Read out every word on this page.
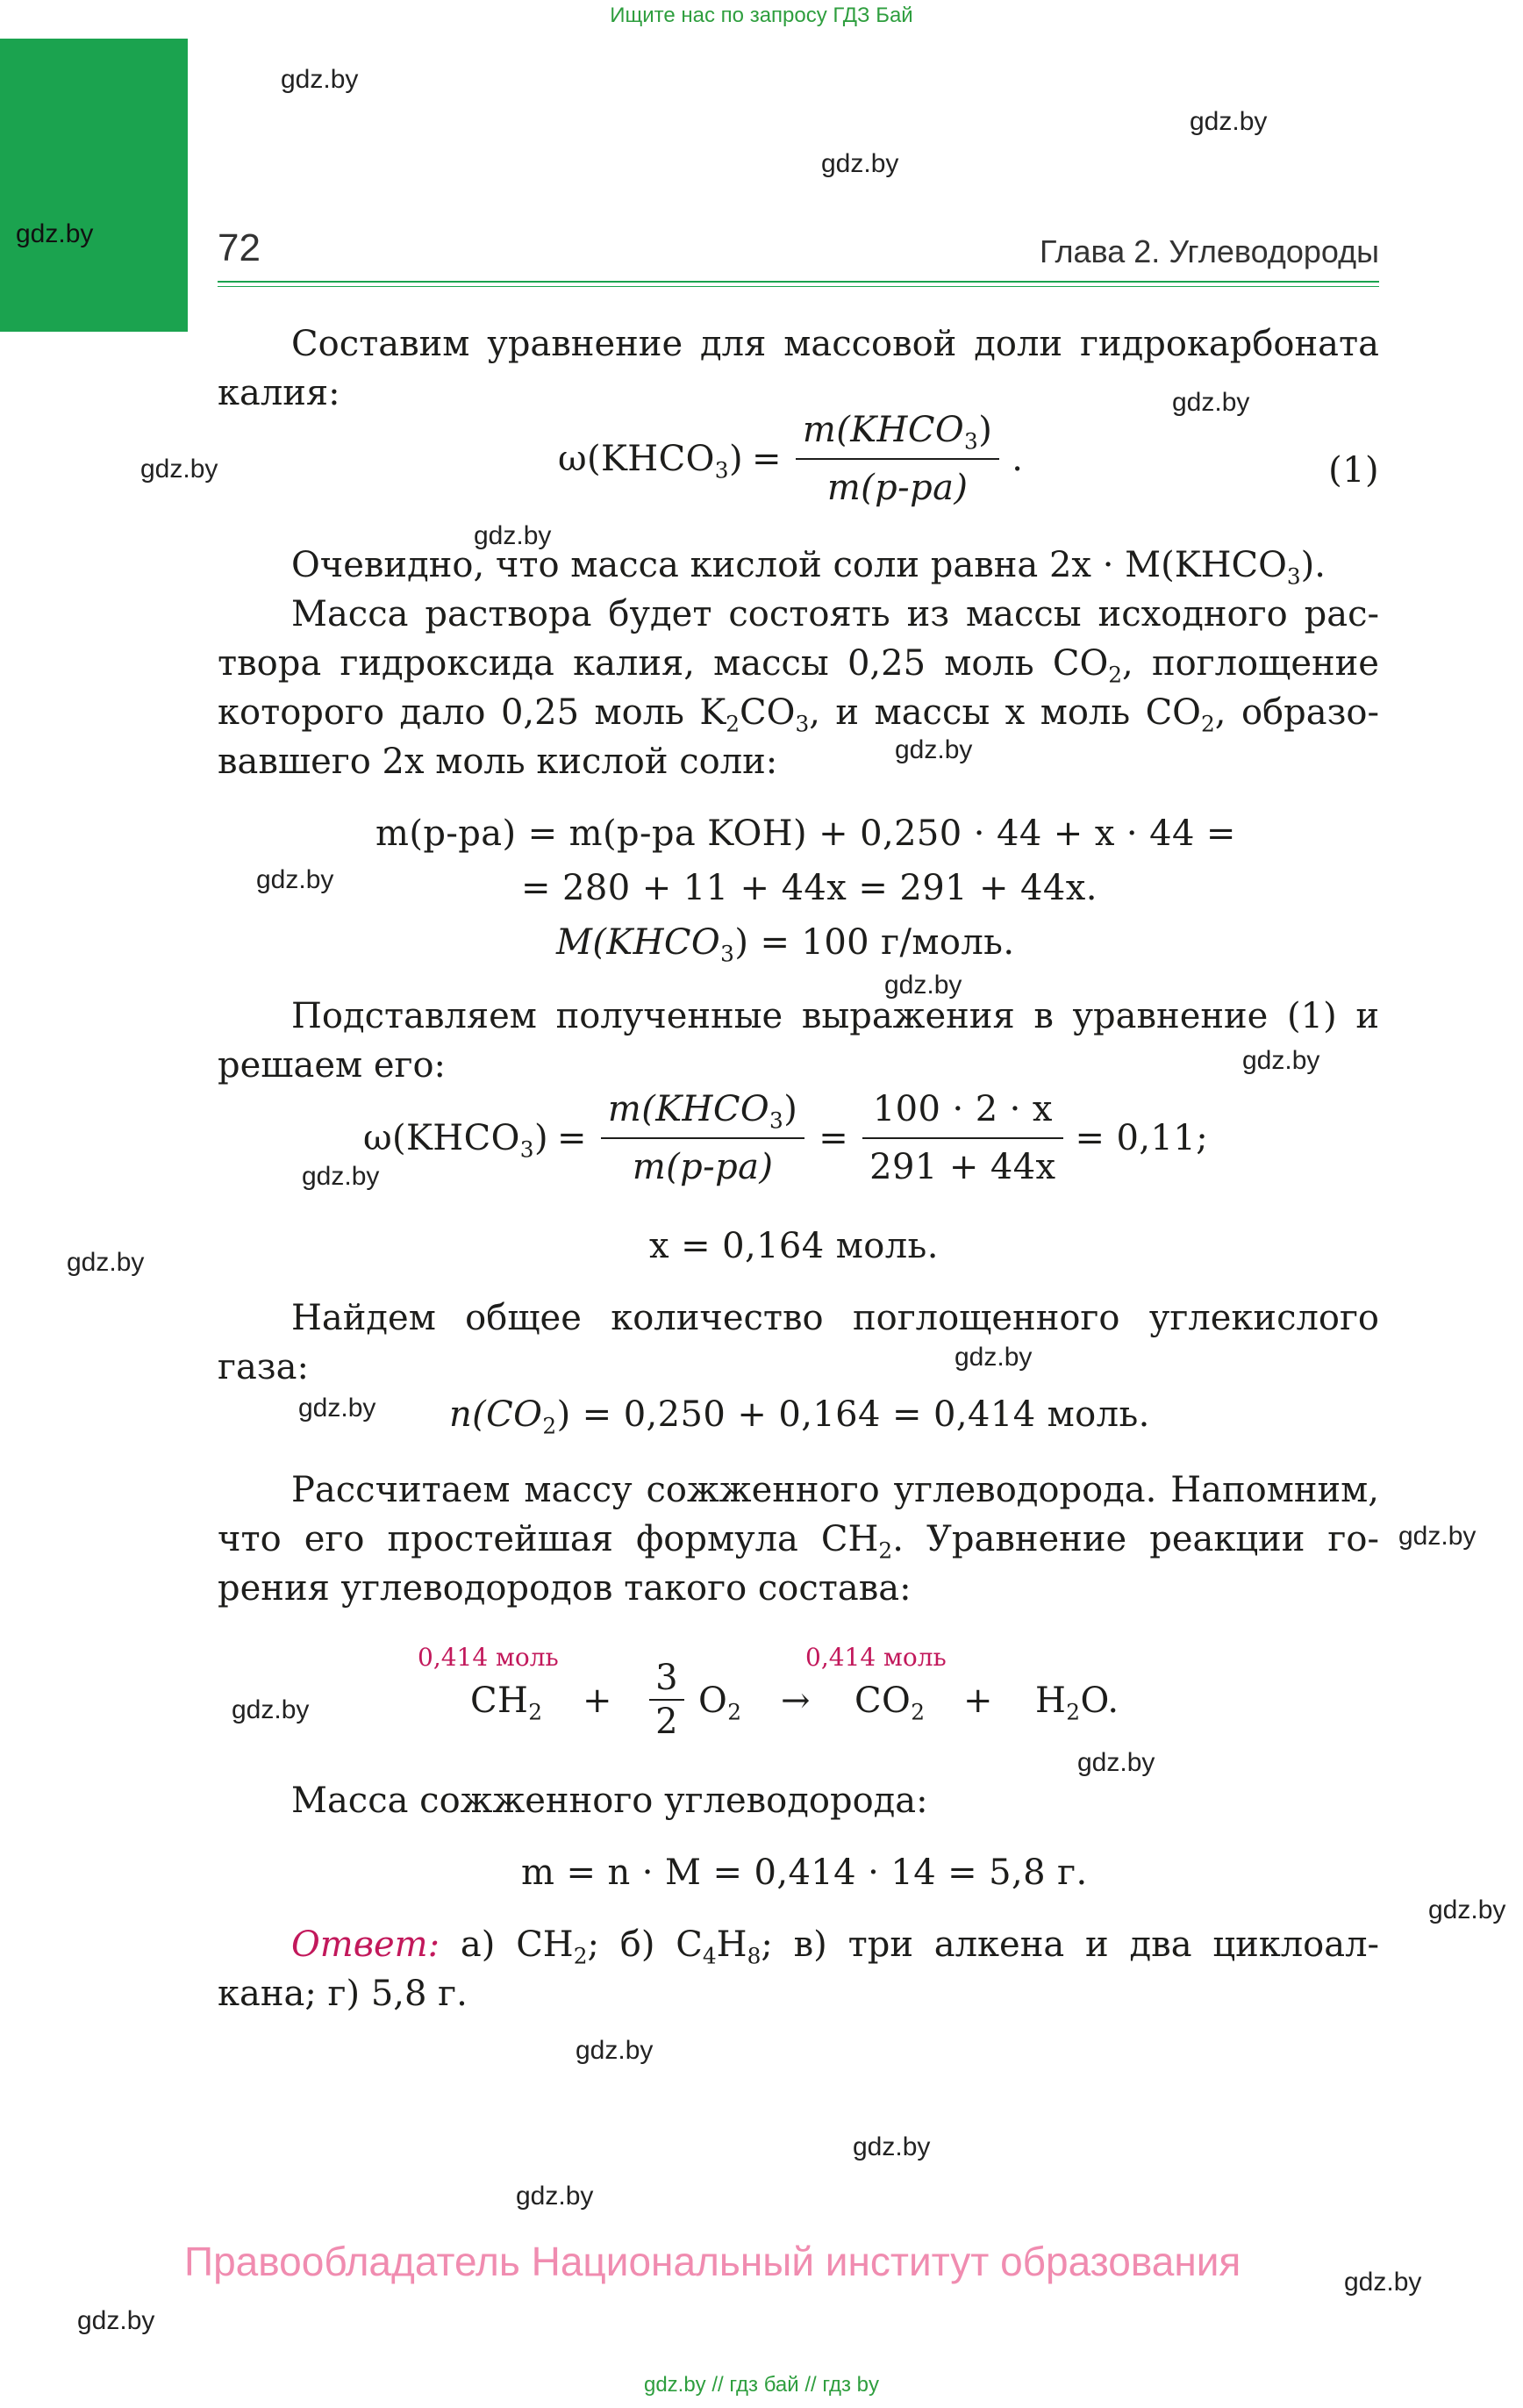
Ищите нас по запросу ГДЗ Бай
gdz.by
gdz.by
gdz.by
gdz.by
gdz.by
gdz.by
gdz.by
gdz.by
gdz.by
gdz.by
gdz.by
gdz.by
gdz.by
gdz.by
gdz.by
gdz.by
gdz.by
gdz.by
gdz.by
gdz.by
gdz.by
gdz.by
gdz.by
gdz.by
72	Глава 2. Углеводороды
Составим уравнение для массовой доли гидрокарбоната
калия:
$\omega(KHCO_3) = \frac{m(KHCO_3)}{m(р-ра)}$ .	(1)
Очевидно, что масса кислой соли равна $2x \cdot M(KHCO_3)$.
Масса раствора будет состоять из массы исходного рас-
твора гидроксида калия, массы 0,25 моль $CO_2$, поглощение
которого дало 0,25 моль $K_2CO_3$, и массы x моль $CO_2$, образо-
вавшего 2x моль кислой соли:
m(р-ра) = m(р-ра KOH) + 0,250 · 44 + x · 44 =
= 280 + 11 + 44x = 291 + 44x.
$M(KHCO_3) = 100$ г/моль.
Подставляем полученные выражения в уравнение (1) и
решаем его:
$\omega(KHCO_3) = \frac{m(KHCO_3)}{m(р-ра)} = \frac{100 \cdot 2 \cdot x}{291 + 44x} = 0,11$;
x = 0,164 моль.
Найдем общее количество поглощенного углекислого
газа:
$n(CO_2) = 0,250 + 0,164 = 0,414$ моль.
Рассчитаем массу сожженного углеводорода. Напомним,
что его простейшая формула $CH_2$. Уравнение реакции го-
рения углеводородов такого состава:
0,414 моль	0,414 моль
$CH_2$ +
3
2
$O_2 \to CO_2 + H_2O$.
Масса сожженного углеводорода:
m = n · M = 0,414 · 14 = 5,8 г.
Ответ: а) $CH_2$; б) $C_4H_8$; в) три алкена и два циклоал-
кана; г) 5,8 г.
Правообладатель Национальный институт образования
gdz.by // гдз бай // гдз by
